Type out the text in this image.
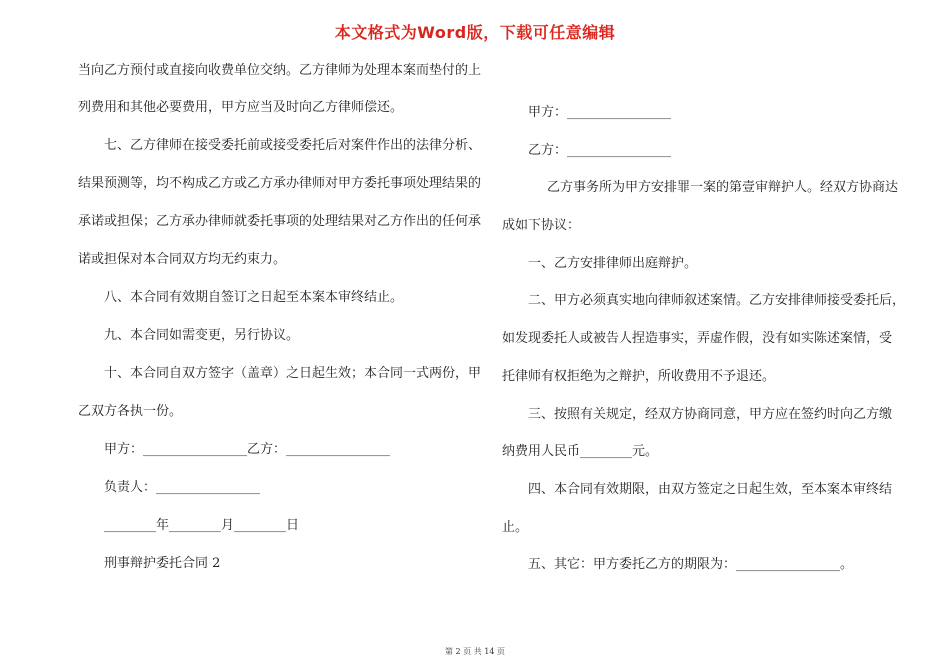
本文格式为Word版，下载可任意编辑
当向乙方预付或直接向收费单位交纳。乙方律师为处理本案而垫付的上
列费用和其他必要费用，甲方应当及时向乙方律师偿还。
七、乙方律师在接受委托前或接受委托后对案件作出的法律分析、
结果预测等，均不构成乙方或乙方承办律师对甲方委托事项处理结果的
承诺或担保；乙方承办律师就委托事项的处理结果对乙方作出的任何承
诺或担保对本合同双方均无约束力。
八、本合同有效期自签订之日起至本案本审终结止。
九、本合同如需变更，另行协议。
十、本合同自双方签字（盖章）之日起生效；本合同一式两份，甲
乙双方各执一份。
甲方：________________乙方：________________
负责人：________________
________年________月________日
刑事辩护委托合同 2
甲方：________________
乙方：________________
乙方事务所为甲方安排罪一案的第壹审辩护人。经双方协商达
成如下协议：
一、乙方安排律师出庭辩护。
二、甲方必须真实地向律师叙述案情。乙方安排律师接受委托后，
如发现委托人或被告人捏造事实，弄虚作假，没有如实陈述案情，受
托律师有权拒绝为之辩护，所收费用不予退还。
三、按照有关规定，经双方协商同意，甲方应在签约时向乙方缴
纳费用人民币________元。
四、本合同有效期限，由双方签定之日起生效，至本案本审终结
止。
五、其它：甲方委托乙方的期限为：________________。
第 2 页 共 14 页
